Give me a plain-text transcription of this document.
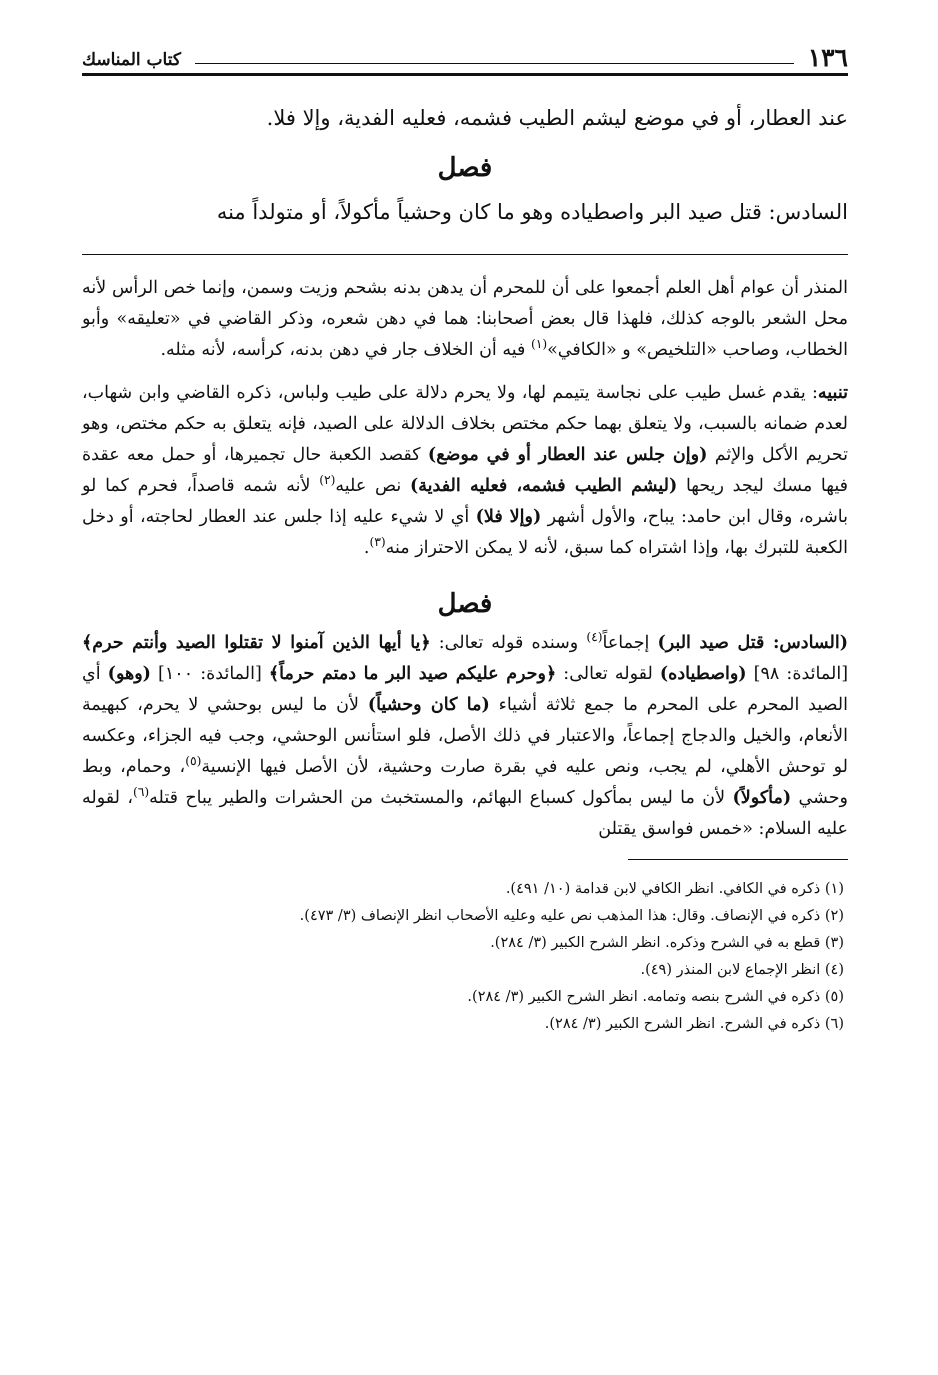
١٣٦
كتاب المناسك

عند العطار، أو في موضع ليشم الطيب فشمه، فعليه الفدية، وإلا فلا.

فصل

السادس: قتل صيد البر واصطياده وهو ما كان وحشياً مأكولاً، أو متولداً منه

المنذر أن عوام أهل العلم أجمعوا على أن للمحرم أن يدهن بدنه بشحم وزيت وسمن، وإنما خص الرأس لأنه محل الشعر بالوجه كذلك، فلهذا قال بعض أصحابنا: هما في دهن شعره، وذكر القاضي في «تعليقه» وأبو الخطاب، وصاحب «التلخيص» و «الكافي»$^{(١)}$ فيه أن الخلاف جار في دهن بدنه، كرأسه، لأنه مثله.

تنبيه: يقدم غسل طيب على نجاسة يتيمم لها، ولا يحرم دلالة على طيب ولباس، ذكره القاضي وابن شهاب، لعدم ضمانه بالسبب، ولا يتعلق بهما حكم مختص بخلاف الدلالة على الصيد، فإنه يتعلق به حكم مختص، وهو تحريم الأكل والإثم (وإن جلس عند العطار أو في موضع) كقصد الكعبة حال تجميرها، أو حمل معه عقدة فيها مسك ليجد ريحها (ليشم الطيب فشمه، فعليه الفدية) نص عليه$^{(٢)}$ لأنه شمه قاصداً، فحرم كما لو باشره، وقال ابن حامد: يباح، والأول أشهر (وإلا فلا) أي لا شيء عليه إذا جلس عند العطار لحاجته، أو دخل الكعبة للتبرك بها، وإذا اشتراه كما سبق، لأنه لا يمكن الاحتراز منه$^{(٣)}$.

فصل

(السادس: قتل صيد البر) إجماعاً$^{(٤)}$ وسنده قوله تعالى: ﴿يا أيها الذين آمنوا لا تقتلوا الصيد وأنتم حرم﴾ [المائدة: ٩٨] (واصطياده) لقوله تعالى: ﴿وحرم عليكم صيد البر ما دمتم حرماً﴾ [المائدة: ١٠٠] (وهو) أي الصيد المحرم على المحرم ما جمع ثلاثة أشياء (ما كان وحشياً) لأن ما ليس بوحشي لا يحرم، كبهيمة الأنعام، والخيل والدجاج إجماعاً، والاعتبار في ذلك الأصل، فلو استأنس الوحشي، وجب فيه الجزاء، وعكسه لو توحش الأهلي، لم يجب، ونص عليه في بقرة صارت وحشية، لأن الأصل فيها الإنسية$^{(٥)}$، وحمام، وبط وحشي (مأكولاً) لأن ما ليس بمأكول كسباع البهائم، والمستخبث من الحشرات والطير يباح قتله$^{(٦)}$، لقوله عليه السلام: «خمس فواسق يقتلن

(١) ذكره في الكافي. انظر الكافي لابن قدامة (١٠/ ٤٩١).
(٢) ذكره في الإنصاف. وقال: هذا المذهب نص عليه وعليه الأصحاب انظر الإنصاف (٣/ ٤٧٣).
(٣) قطع به في الشرح وذكره. انظر الشرح الكبير (٣/ ٢٨٤).
(٤) انظر الإجماع لابن المنذر (٤٩).
(٥) ذكره في الشرح بنصه وتمامه. انظر الشرح الكبير (٣/ ٢٨٤).
(٦) ذكره في الشرح. انظر الشرح الكبير (٣/ ٢٨٤).
